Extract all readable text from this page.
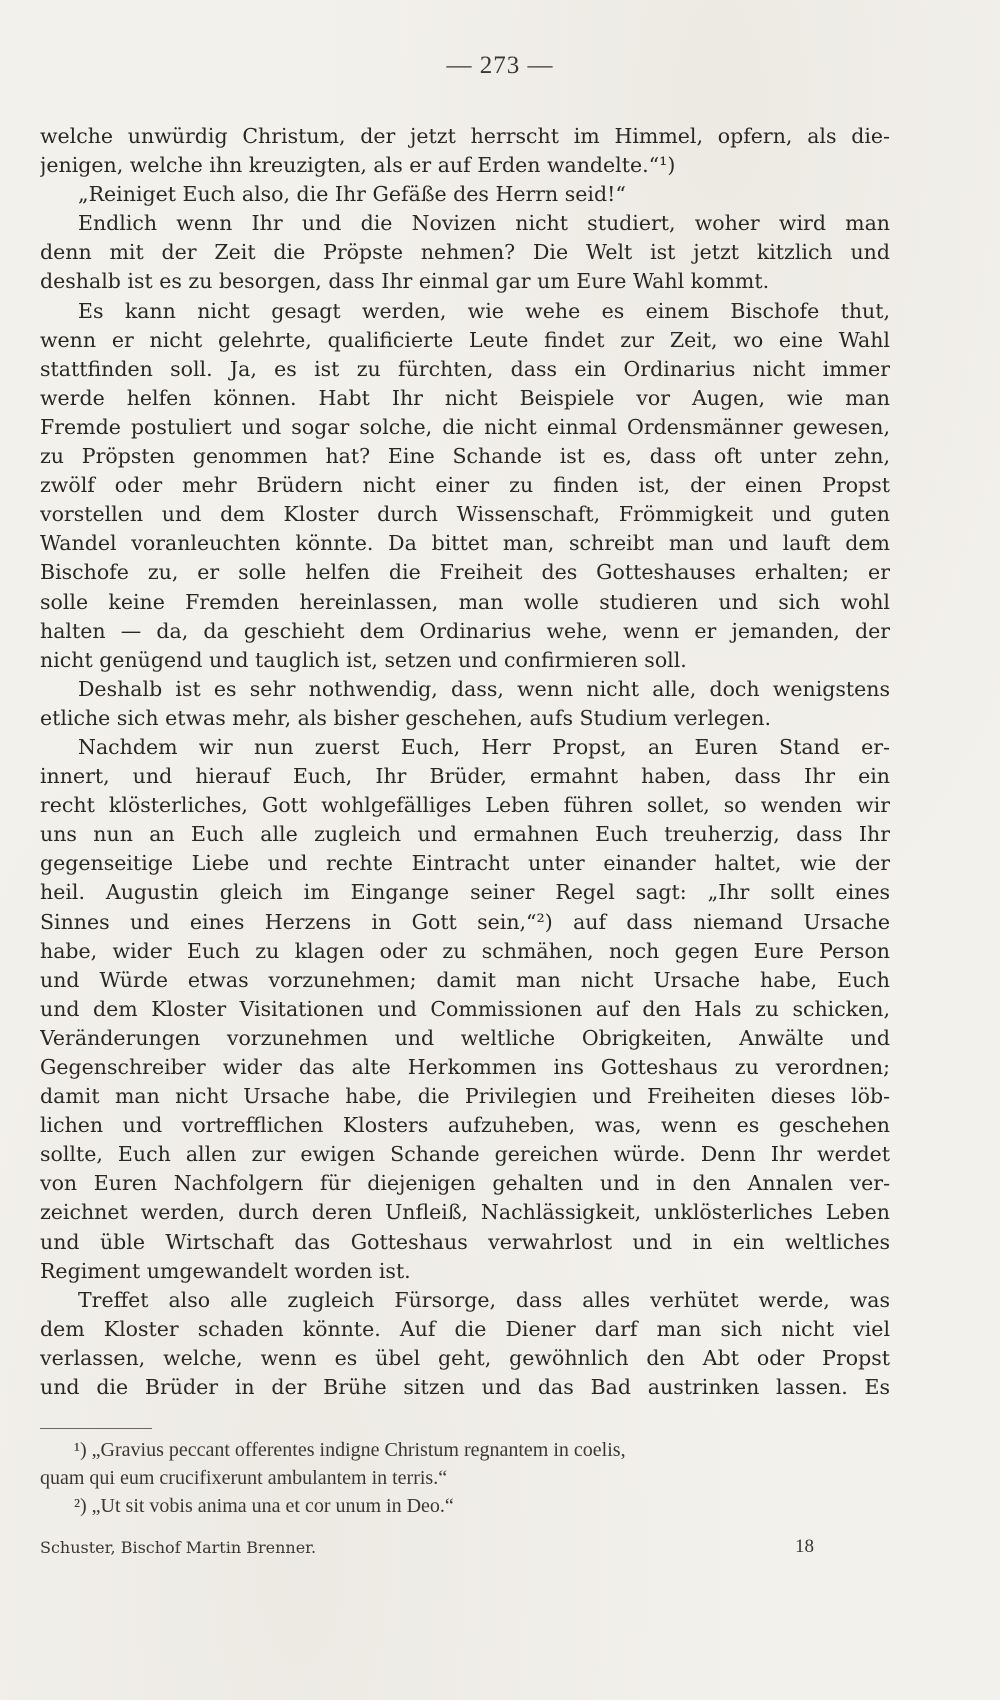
— 273 —
welche unwürdig Christum, der jetzt herrscht im Himmel, opfern, als die-
jenigen, welche ihn kreuzigten, als er auf Erden wandelte.“¹)
„Reiniget Euch also, die Ihr Gefäße des Herrn seid!“
Endlich wenn Ihr und die Novizen nicht studiert, woher wird man
denn mit der Zeit die Pröpste nehmen? Die Welt ist jetzt kitzlich und
deshalb ist es zu besorgen, dass Ihr einmal gar um Eure Wahl kommt.
Es kann nicht gesagt werden, wie wehe es einem Bischofe thut,
wenn er nicht gelehrte, qualificierte Leute findet zur Zeit, wo eine Wahl
stattfinden soll. Ja, es ist zu fürchten, dass ein Ordinarius nicht immer
werde helfen können. Habt Ihr nicht Beispiele vor Augen, wie man
Fremde postuliert und sogar solche, die nicht einmal Ordensmänner gewesen,
zu Pröpsten genommen hat? Eine Schande ist es, dass oft unter zehn,
zwölf oder mehr Brüdern nicht einer zu finden ist, der einen Propst
vorstellen und dem Kloster durch Wissenschaft, Frömmigkeit und guten
Wandel voranleuchten könnte. Da bittet man, schreibt man und lauft dem
Bischofe zu, er solle helfen die Freiheit des Gotteshauses erhalten; er
solle keine Fremden hereinlassen, man wolle studieren und sich wohl
halten — da, da geschieht dem Ordinarius wehe, wenn er jemanden, der
nicht genügend und tauglich ist, setzen und confirmieren soll.
Deshalb ist es sehr nothwendig, dass, wenn nicht alle, doch wenigstens
etliche sich etwas mehr, als bisher geschehen, aufs Studium verlegen.
Nachdem wir nun zuerst Euch, Herr Propst, an Euren Stand er-
innert, und hierauf Euch, Ihr Brüder, ermahnt haben, dass Ihr ein
recht klösterliches, Gott wohlgefälliges Leben führen sollet, so wenden wir
uns nun an Euch alle zugleich und ermahnen Euch treuherzig, dass Ihr
gegenseitige Liebe und rechte Eintracht unter einander haltet, wie der
heil. Augustin gleich im Eingange seiner Regel sagt: „Ihr sollt eines
Sinnes und eines Herzens in Gott sein,“²) auf dass niemand Ursache
habe, wider Euch zu klagen oder zu schmähen, noch gegen Eure Person
und Würde etwas vorzunehmen; damit man nicht Ursache habe, Euch
und dem Kloster Visitationen und Commissionen auf den Hals zu schicken,
Veränderungen vorzunehmen und weltliche Obrigkeiten, Anwälte und
Gegenschreiber wider das alte Herkommen ins Gotteshaus zu verordnen;
damit man nicht Ursache habe, die Privilegien und Freiheiten dieses löb-
lichen und vortrefflichen Klosters aufzuheben, was, wenn es geschehen
sollte, Euch allen zur ewigen Schande gereichen würde. Denn Ihr werdet
von Euren Nachfolgern für diejenigen gehalten und in den Annalen ver-
zeichnet werden, durch deren Unfleiß, Nachlässigkeit, unklösterliches Leben
und üble Wirtschaft das Gotteshaus verwahrlost und in ein weltliches
Regiment umgewandelt worden ist.
Treffet also alle zugleich Fürsorge, dass alles verhütet werde, was
dem Kloster schaden könnte. Auf die Diener darf man sich nicht viel
verlassen, welche, wenn es übel geht, gewöhnlich den Abt oder Propst
und die Brüder in der Brühe sitzen und das Bad austrinken lassen. Es
¹) „Gravius peccant offerentes indigne Christum regnantem in coelis,
quam qui eum crucifixerunt ambulantem in terris.“
²) „Ut sit vobis anima una et cor unum in Deo.“
Schuster, Bischof Martin Brenner.	18
